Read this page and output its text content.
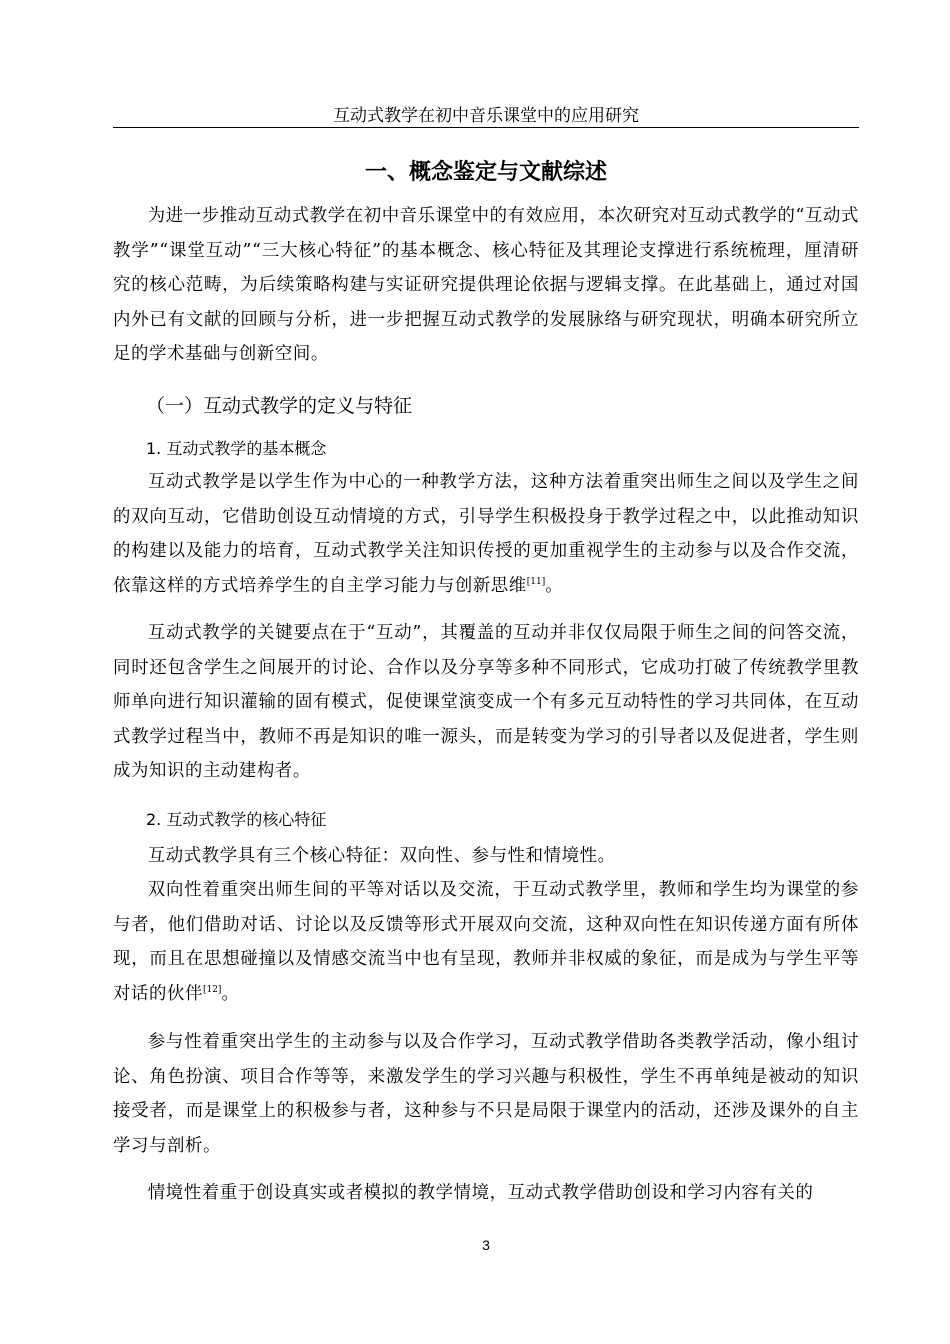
互动式教学在初中音乐课堂中的应用研究
一、概念鉴定与文献综述

为进一步推动互动式教学在初中音乐课堂中的有效应用，本次研究对互动式教学的“互动式教学”“课堂互动”“三大核心特征”的基本概念、核心特征及其理论支撑进行系统梳理，厘清研究的核心范畴，为后续策略构建与实证研究提供理论依据与逻辑支撑。在此基础上，通过对国内外已有文献的回顾与分析，进一步把握互动式教学的发展脉络与研究现状，明确本研究所立足的学术基础与创新空间。

（一）互动式教学的定义与特征
1. 互动式教学的基本概念

互动式教学是以学生作为中心的一种教学方法，这种方法着重突出师生之间以及学生之间的双向互动，它借助创设互动情境的方式，引导学生积极投身于教学过程之中，以此推动知识的构建以及能力的培育，互动式教学关注知识传授的更加重视学生的主动参与以及合作交流，依靠这样的方式培养学生的自主学习能力与创新思维[11]。

互动式教学的关键要点在于“互动”，其覆盖的互动并非仅仅局限于师生之间的问答交流，同时还包含学生之间展开的讨论、合作以及分享等多种不同形式，它成功打破了传统教学里教师单向进行知识灌输的固有模式，促使课堂演变成一个有多元互动特性的学习共同体，在互动式教学过程当中，教师不再是知识的唯一源头，而是转变为学习的引导者以及促进者，学生则成为知识的主动建构者。

2. 互动式教学的核心特征

互动式教学具有三个核心特征：双向性、参与性和情境性。

双向性着重突出师生间的平等对话以及交流，于互动式教学里，教师和学生均为课堂的参与者，他们借助对话、讨论以及反馈等形式开展双向交流，这种双向性在知识传递方面有所体现，而且在思想碰撞以及情感交流当中也有呈现，教师并非权威的象征，而是成为与学生平等对话的伙伴[12]。

参与性着重突出学生的主动参与以及合作学习，互动式教学借助各类教学活动，像小组讨论、角色扮演、项目合作等等，来激发学生的学习兴趣与积极性，学生不再单纯是被动的知识接受者，而是课堂上的积极参与者，这种参与不只是局限于课堂内的活动，还涉及课外的自主学习与剖析。

情境性着重于创设真实或者模拟的教学情境，互动式教学借助创设和学习内容有关的

3
